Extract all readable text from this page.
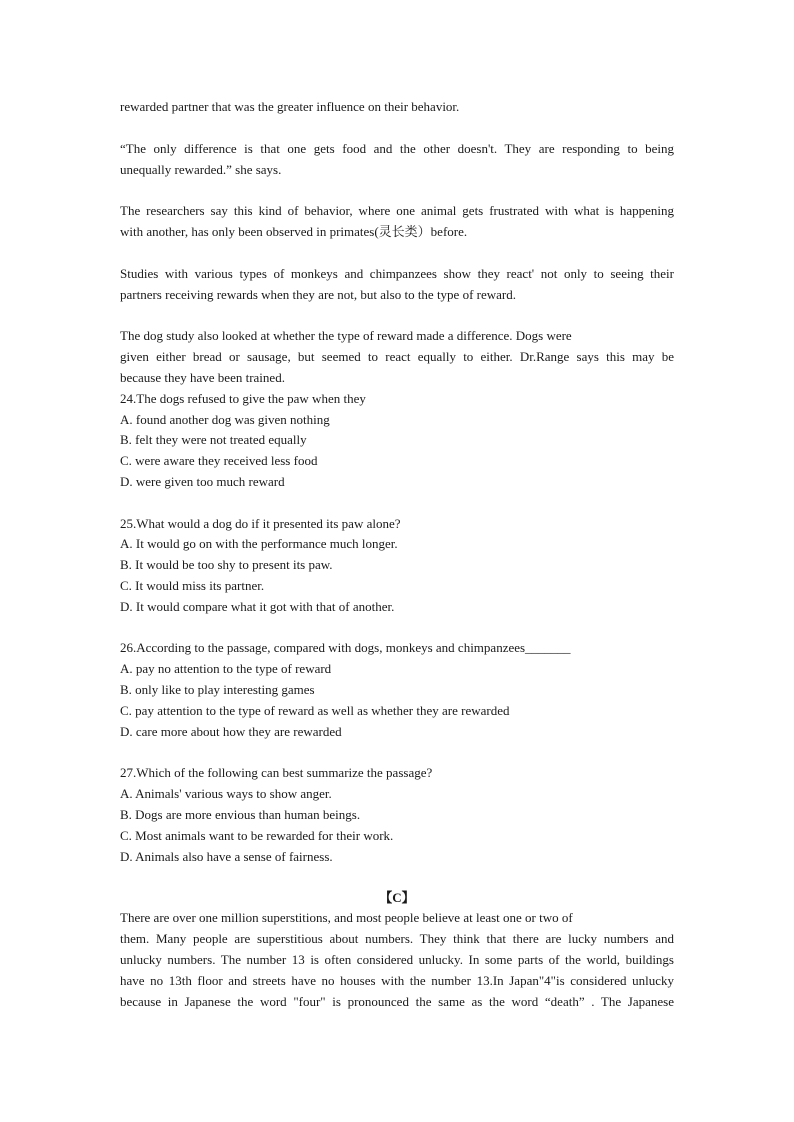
rewarded partner that was the greater influence on their behavior.
“The only difference is that one gets food and the other doesn't. They are responding to being
unequally rewarded.” she says.
The researchers say this kind of behavior, where one animal gets frustrated with what is happening
with another, has only been observed in primates(灵长类）before.
Studies with various types of monkeys and chimpanzees show they react' not only to seeing their
partners receiving rewards when they are not, but also to the type of reward.
The dog study also looked at whether the type of reward made a difference. Dogs were
given either bread or sausage, but seemed to react equally to either. Dr.Range says this may be
because they have been trained.
24.The dogs refused to give the paw when they
A. found another dog was given nothing
B. felt they were not treated equally
C. were aware they received less food
D. were given too much reward
25.What would a dog do if it presented its paw alone?
A. It would go on with the performance much longer.
B. It would be too shy to present its paw.
C. It would miss its partner.
D. It would compare what it got with that of another.
26.According to the passage, compared with dogs, monkeys and chimpanzees_______
A. pay no attention to the type of reward
B. only like to play interesting games
C. pay attention to the type of reward as well as whether they are rewarded
D. care more about how they are rewarded
27.Which of the following can best summarize the passage?
A. Animals' various ways to show anger.
B. Dogs are more envious than human beings.
C. Most animals want to be rewarded for their work.
D. Animals also have a sense of fairness.
【C】
There are over one million superstitions, and most people believe at least one or two of
them. Many people are superstitious about numbers. They think that there are lucky numbers and
unlucky numbers. The number 13 is often considered unlucky. In some parts of the world, buildings
have no 13th floor and streets have no houses with the number 13.In Japan"4"is considered unlucky
because in Japanese the word "four" is pronounced the same as the word “death” . The Japanese
